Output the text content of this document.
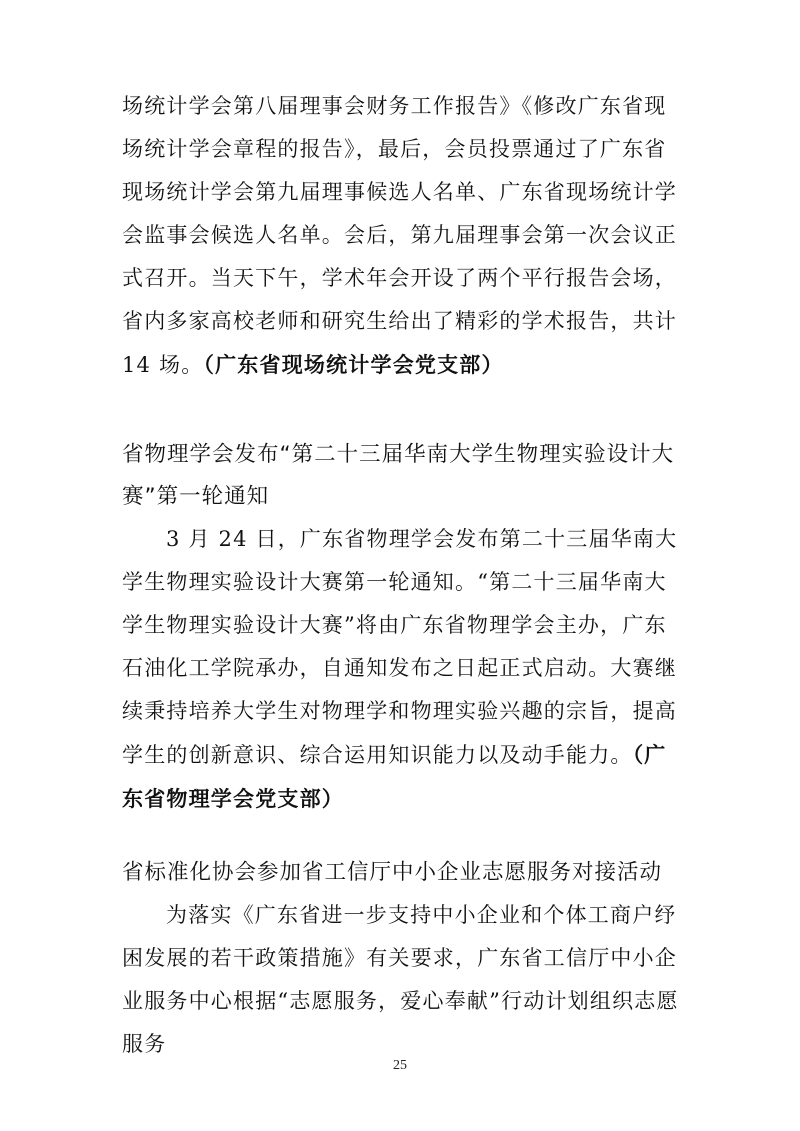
场统计学会第八届理事会财务工作报告》《修改广东省现场统计学会章程的报告》，最后，会员投票通过了广东省现场统计学会第九届理事候选人名单、广东省现场统计学会监事会候选人名单。会后，第九届理事会第一次会议正式召开。当天下午，学术年会开设了两个平行报告会场，省内多家高校老师和研究生给出了精彩的学术报告，共计 14 场。（广东省现场统计学会党支部）

省物理学会发布“第二十三届华南大学生物理实验设计大赛”第一轮通知

3 月 24 日，广东省物理学会发布第二十三届华南大学生物理实验设计大赛第一轮通知。“第二十三届华南大学生物理实验设计大赛”将由广东省物理学会主办，广东石油化工学院承办，自通知发布之日起正式启动。大赛继续秉持培养大学生对物理学和物理实验兴趣的宗旨，提高学生的创新意识、综合运用知识能力以及动手能力。（广东省物理学会党支部）

省标准化协会参加省工信厅中小企业志愿服务对接活动

为落实《广东省进一步支持中小企业和个体工商户纾困发展的若干政策措施》有关要求，广东省工信厅中小企业服务中心根据“志愿服务，爱心奉献”行动计划组织志愿服务

25
